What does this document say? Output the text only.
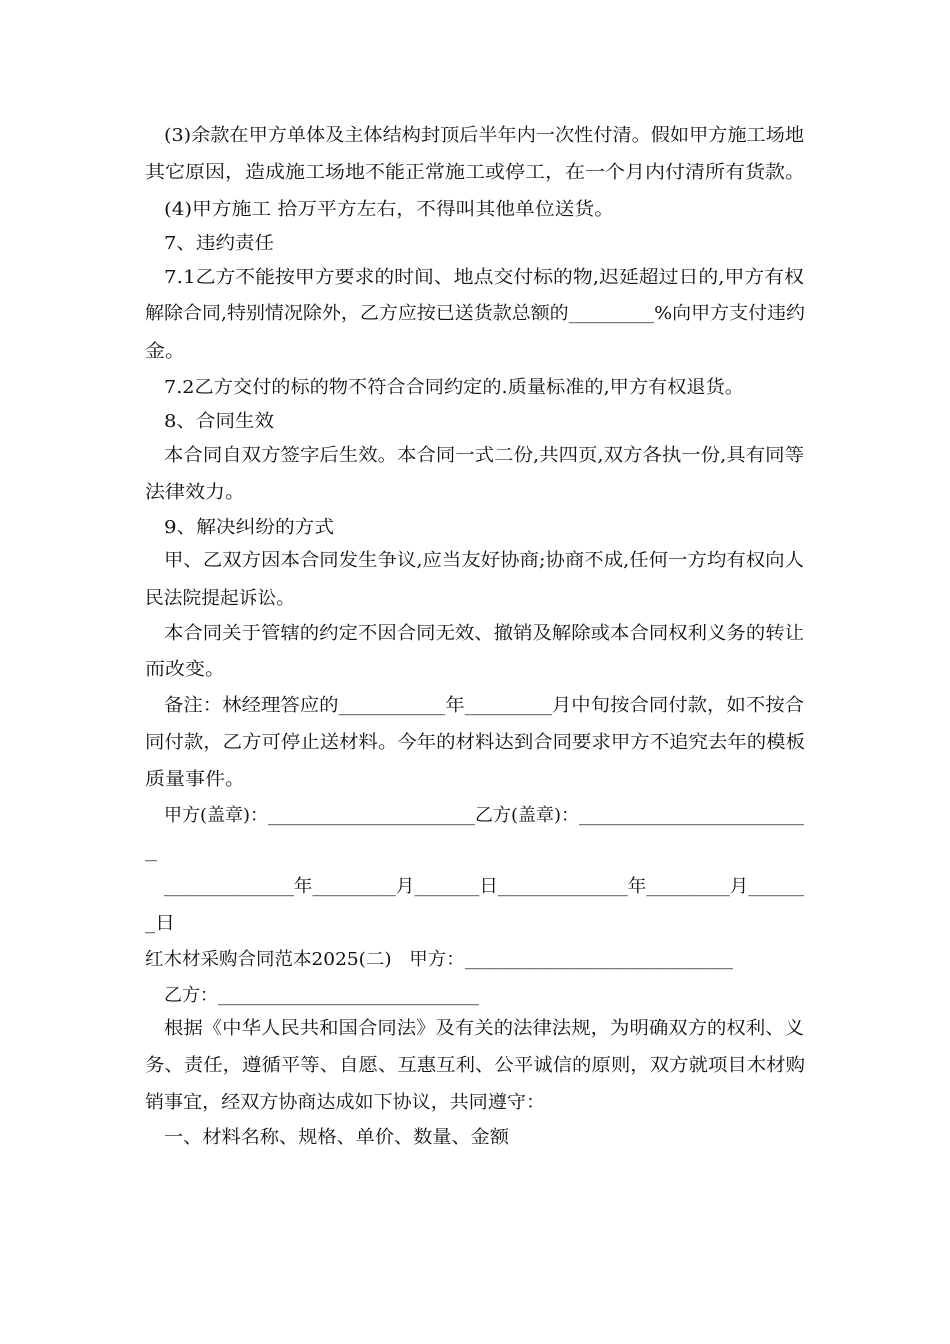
(3)余款在甲方单体及主体结构封顶后半年内一次性付清。假如甲方施工场地
其它原因，造成施工场地不能正常施工或停工，在一个月内付清所有货款。
(4)甲方施工 拾万平方左右，不得叫其他单位送货。
7、违约责任
7.1乙方不能按甲方要求的时间、地点交付标的物,迟延超过日的,甲方有权
解除合同,特别情况除外，乙方应按已送货款总额的_________%向甲方支付违约
金。
7.2乙方交付的标的物不符合合同约定的.质量标准的,甲方有权退货。
8、合同生效
本合同自双方签字后生效。本合同一式二份,共四页,双方各执一份,具有同等
法律效力。
9、解决纠纷的方式
甲、乙双方因本合同发生争议,应当友好协商;协商不成,任何一方均有权向人
民法院提起诉讼。
本合同关于管辖的约定不因合同无效、撤销及解除或本合同权利义务的转让
而改变。
备注：林经理答应的___________年_________月中旬按合同付款，如不按合
同付款，乙方可停止送材料。今年的材料达到合同要求甲方不追究去年的模板
质量事件。
甲方(盖章)：_______________________乙方(盖章)：_________________________
_
______________年_________月_______日______________年_________月______
_日
红木材采购合同范本2025(二)   甲方：_____________________________
乙方：_____________________________
根据《中华人民共和国合同法》及有关的法律法规，为明确双方的权利、义
务、责任，遵循平等、自愿、互惠互利、公平诚信的原则，双方就项目木材购
销事宜，经双方协商达成如下协议，共同遵守：
一、材料名称、规格、单价、数量、金额
